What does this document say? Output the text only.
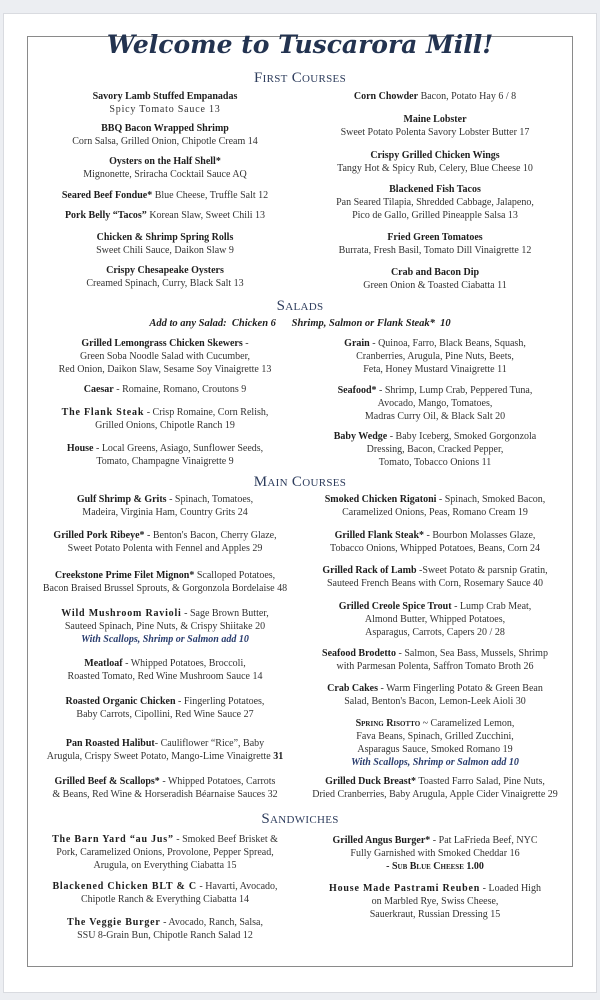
Welcome to Tuscarora Mill!
First Courses
Savory Lamb Stuffed Empanadas
Spicy Tomato Sauce 13
BBQ Bacon Wrapped Shrimp
Corn Salsa, Grilled Onion, Chipotle Cream 14
Oysters on the Half Shell*
Mignonette, Sriracha Cocktail Sauce AQ
Seared Beef Fondue* Blue Cheese, Truffle Salt 12
Pork Belly “Tacos” Korean Slaw, Sweet Chili 13
Chicken & Shrimp Spring Rolls
Sweet Chili Sauce, Daikon Slaw 9
Crispy Chesapeake Oysters
Creamed Spinach, Curry, Black Salt 13
Corn Chowder Bacon, Potato Hay 6 / 8
Maine Lobster
Sweet Potato Polenta Savory Lobster Butter 17
Crispy Grilled Chicken Wings
Tangy Hot & Spicy Rub, Celery, Blue Cheese 10
Blackened Fish Tacos
Pan Seared Tilapia, Shredded Cabbage, Jalapeno,
Pico de Gallo, Grilled Pineapple Salsa 13
Fried Green Tomatoes
Burrata, Fresh Basil, Tomato Dill Vinaigrette 12
Crab and Bacon Dip
Green Onion & Toasted Ciabatta 11
Salads
Add to any Salad: Chicken 6 Shrimp, Salmon or Flank Steak*  10
Grilled Lemongrass Chicken Skewers -
Green Soba Noodle Salad with Cucumber,
Red Onion, Daikon Slaw, Sesame Soy Vinaigrette 13
Caesar - Romaine, Romano, Croutons 9
The Flank Steak - Crisp Romaine, Corn Relish,
Grilled Onions, Chipotle Ranch 19
House - Local Greens, Asiago, Sunflower Seeds,
Tomato, Champagne Vinaigrette 9
Grain - Quinoa, Farro, Black Beans, Squash,
Cranberries, Arugula, Pine Nuts, Beets,
Feta, Honey Mustard Vinaigrette 11
Seafood* - Shrimp, Lump Crab, Peppered Tuna,
Avocado, Mango, Tomatoes,
Madras Curry Oil, & Black Salt 20
Baby Wedge - Baby Iceberg, Smoked Gorgonzola
Dressing, Bacon, Cracked Pepper,
Tomato, Tobacco Onions 11
Main Courses
Gulf Shrimp & Grits - Spinach, Tomatoes,
Madeira, Virginia Ham, Country Grits 24
Grilled Pork Ribeye* - Benton's Bacon, Cherry Glaze,
Sweet Potato Polenta with Fennel and Apples 29
Creekstone Prime Filet Mignon* Scalloped Potatoes,
Bacon Braised Brussel Sprouts, & Gorgonzola Bordelaise 48
Wild Mushroom Ravioli - Sage Brown Butter,
Sauteed Spinach, Pine Nuts, & Crispy Shiitake 20
With Scallops, Shrimp or Salmon add 10
Meatloaf - Whipped Potatoes, Broccoli,
Roasted Tomato, Red Wine Mushroom Sauce 14
Roasted Organic Chicken - Fingerling Potatoes,
Baby Carrots, Cipollini, Red Wine Sauce 27
Pan Roasted Halibut- Cauliflower “Rice”, Baby
Arugula, Crispy Sweet Potato, Mango-Lime Vinaigrette 31
Grilled Beef & Scallops* - Whipped Potatoes, Carrots
& Beans, Red Wine & Horseradish Béarnaise Sauces 32
Smoked Chicken Rigatoni - Spinach, Smoked Bacon,
Caramelized Onions, Peas, Romano Cream 19
Grilled Flank Steak* - Bourbon Molasses Glaze,
Tobacco Onions, Whipped Potatoes, Beans, Corn 24
Grilled Rack of Lamb -Sweet Potato & parsnip Gratin,
Sauteed French Beans with Corn, Rosemary Sauce 40
Grilled Creole Spice Trout - Lump Crab Meat,
Almond Butter, Whipped Potatoes,
Asparagus, Carrots, Capers 20 / 28
Seafood Brodetto - Salmon, Sea Bass, Mussels, Shrimp
with Parmesan Polenta, Saffron Tomato Broth 26
Crab Cakes - Warm Fingerling Potato & Green Bean
Salad, Benton's Bacon, Lemon-Leek Aioli 30
Spring Risotto ~ Caramelized Lemon,
Fava Beans, Spinach, Grilled Zucchini,
Asparagus Sauce, Smoked Romano 19
With Scallops, Shrimp or Salmon add 10
Grilled Duck Breast* Toasted Farro Salad, Pine Nuts,
Dried Cranberries, Baby Arugula, Apple Cider Vinaigrette 29
Sandwiches
The Barn Yard “au Jus” - Smoked Beef Brisket &
Pork, Caramelized Onions, Provolone, Pepper Spread,
Arugula, on Everything Ciabatta 15
Blackened Chicken BLT & C - Havarti, Avocado,
Chipotle Ranch & Everything Ciabatta 14
The Veggie Burger - Avocado, Ranch, Salsa,
SSU 8-Grain Bun, Chipotle Ranch Salad 12
Grilled Angus Burger* - Pat LaFrieda Beef, NYC
Fully Garnished with Smoked Cheddar 16
- Sub Blue Cheese 1.00
House Made Pastrami Reuben - Loaded High
on Marbled Rye, Swiss Cheese,
Sauerkraut, Russian Dressing 15
